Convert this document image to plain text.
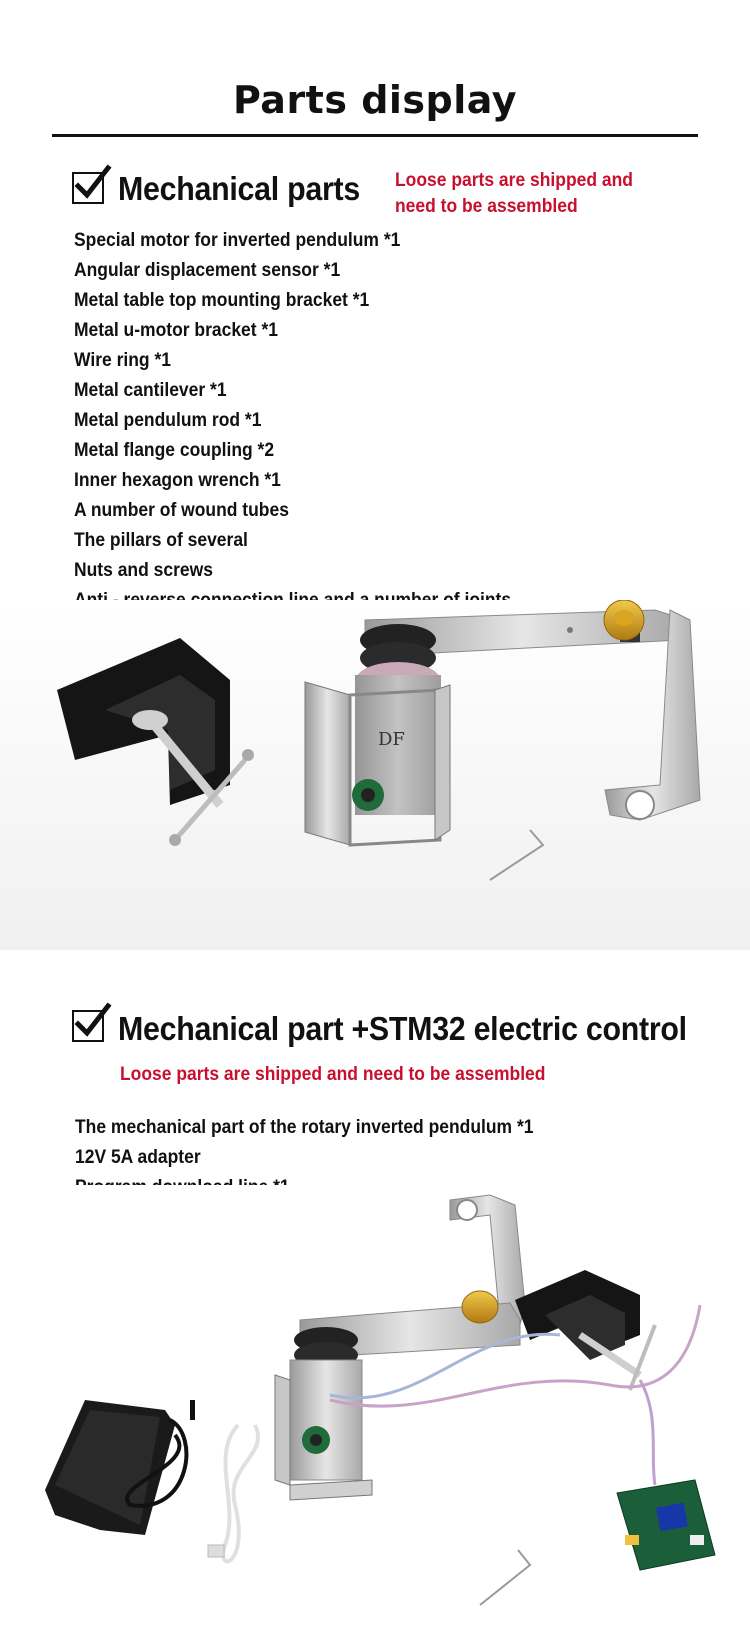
Parts display
Mechanical parts Loose parts are shipped and
need to be assembled
Special motor for inverted pendulum *1
Angular displacement sensor *1
Metal table top mounting bracket *1
Metal u-motor bracket *1
Wire ring *1
Metal cantilever *1
Metal pendulum rod *1
Metal flange coupling *2
Inner hexagon wrench *1
A number of wound tubes
The pillars of several
Nuts and screws
DF
Mechanical part +STM32 electric control
Loose parts are shipped and need to be assembled
The mechanical part of the rotary inverted pendulum *1
12V 5A adapter
